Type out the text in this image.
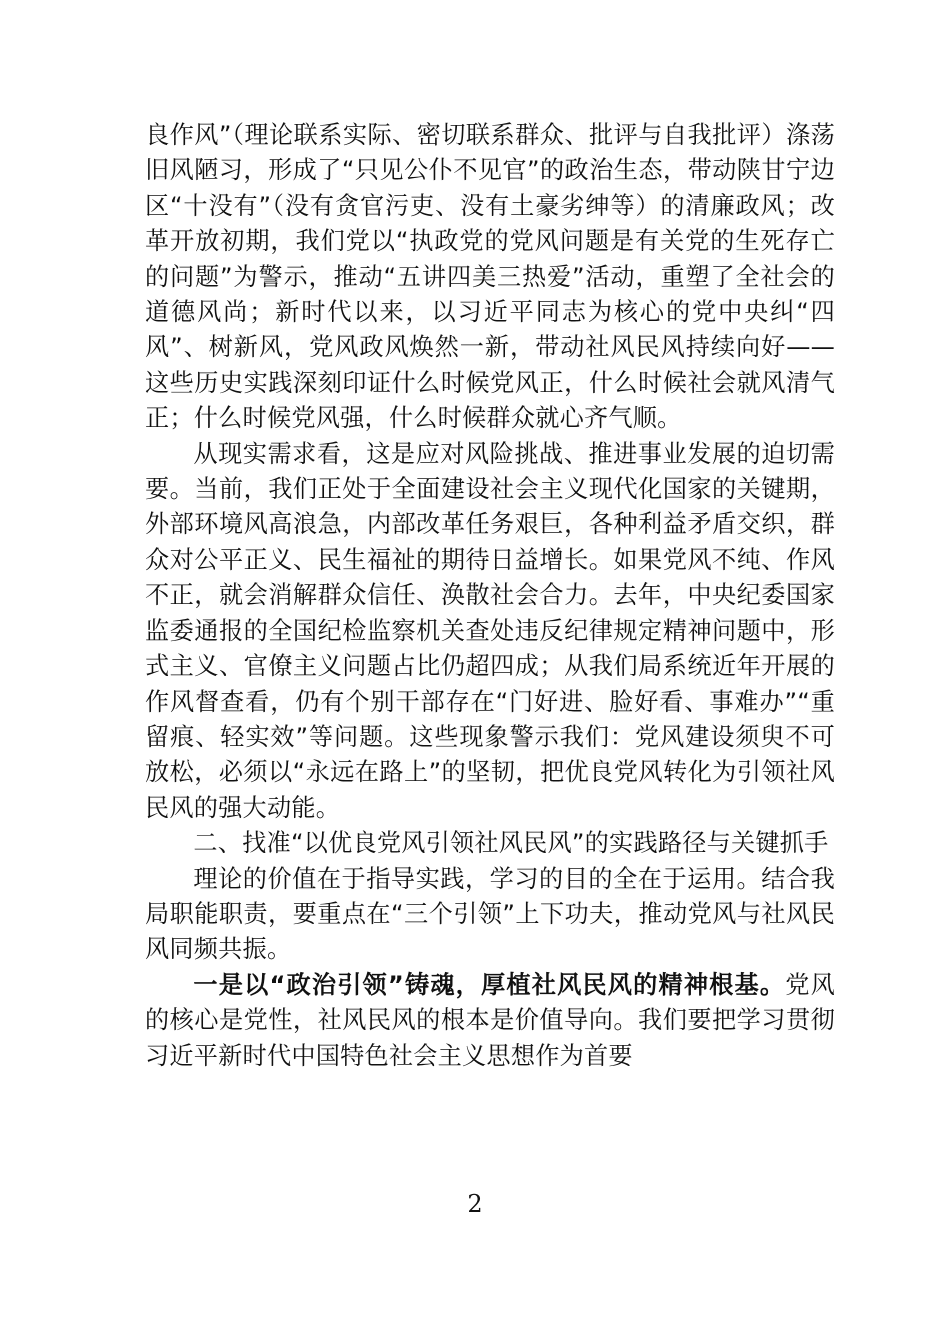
良作风”（理论联系实际、密切联系群众、批评与自我批评）涤荡旧风陋习，形成了“只见公仆不见官”的政治生态，带动陕甘宁边区“十没有”（没有贪官污吏、没有土豪劣绅等）的清廉政风；改革开放初期，我们党以“执政党的党风问题是有关党的生死存亡的问题”为警示，推动“五讲四美三热爱”活动，重塑了全社会的道德风尚；新时代以来，以习近平同志为核心的党中央纠“四风”、树新风，党风政风焕然一新，带动社风民风持续向好——这些历史实践深刻印证什么时候党风正，什么时候社会就风清气正；什么时候党风强，什么时候群众就心齐气顺。

从现实需求看，这是应对风险挑战、推进事业发展的迫切需要。当前，我们正处于全面建设社会主义现代化国家的关键期，外部环境风高浪急，内部改革任务艰巨，各种利益矛盾交织，群众对公平正义、民生福祉的期待日益增长。如果党风不纯、作风不正，就会消解群众信任、涣散社会合力。去年，中央纪委国家监委通报的全国纪检监察机关查处违反纪律规定精神问题中，形式主义、官僚主义问题占比仍超四成；从我们局系统近年开展的作风督查看，仍有个别干部存在“门好进、脸好看、事难办”“重留痕、轻实效”等问题。这些现象警示我们：党风建设须臾不可放松，必须以“永远在路上”的坚韧，把优良党风转化为引领社风民风的强大动能。

二、找准“以优良党风引领社风民风”的实践路径与关键抓手

理论的价值在于指导实践，学习的目的全在于运用。结合我局职能职责，要重点在“三个引领”上下功夫，推动党风与社风民风同频共振。

一是以“政治引领”铸魂，厚植社风民风的精神根基。党风的核心是党性，社风民风的根本是价值导向。我们要把学习贯彻习近平新时代中国特色社会主义思想作为首要

2
